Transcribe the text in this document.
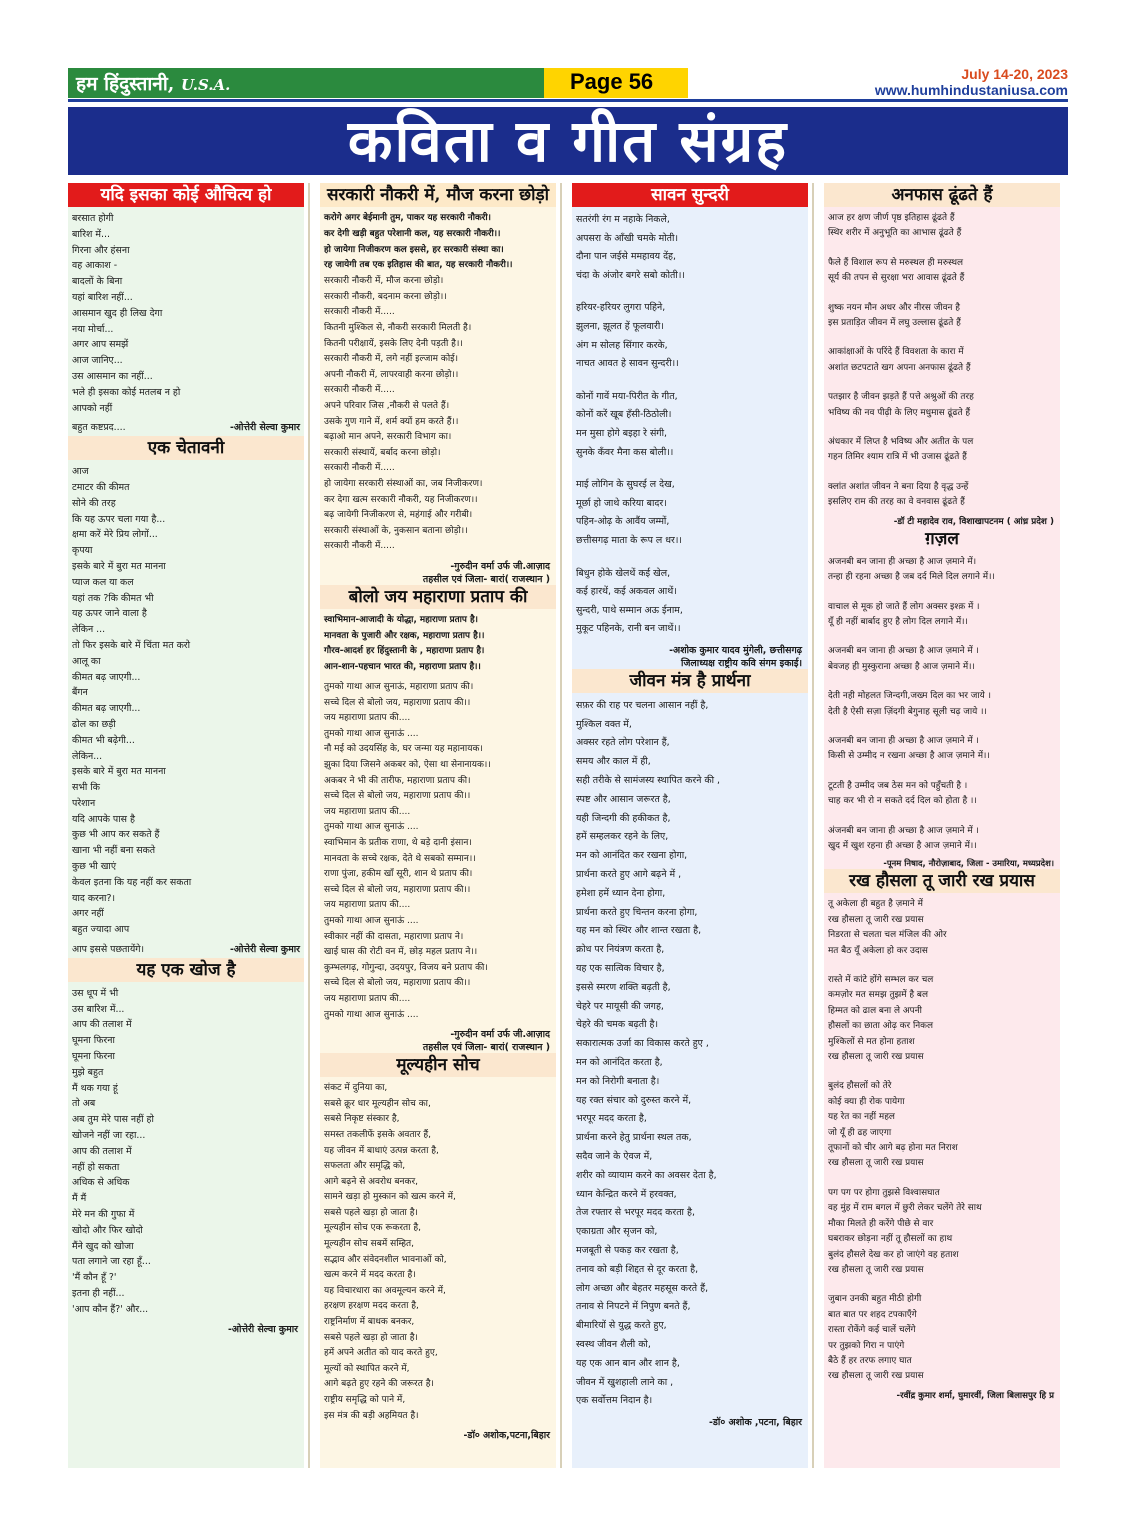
हम हिंदुस्तानी, U.S.A.	Page 56	July 14-20, 2023
www.humhindustaniusa.com
कविता व गीत संग्रह
यदि इसका कोई औचित्य हो
बरसात होगी
बारिश में...
गिरना और हंसना
वह आकाश -
बादलों के बिना
यहां बारिश नहीं...
आसमान खुद ही लिख देगा
नया मोर्चा...
अगर आप समझें
आज जानिए...
उस आसमान का नहीं...
भले ही इसका कोई मतलब न हो
आपको नहीं
बहुत कष्टप्रद....	-ओत्तेरी सेल्वा कुमार
एक चेतावनी
आज
टमाटर की कीमत
सोने की तरह
कि यह ऊपर चला गया है...
क्षमा करें मेरे प्रिय लोगों...
कृपया
इसके बारे में बुरा मत मानना
प्याज कल या कल
यहां तक ?कि कीमत भी
यह ऊपर जाने वाला है
लेकिन ...
तो फिर इसके बारे में चिंता मत करो
आलू का
कीमत बढ़ जाएगी...
बैंगन
कीमत बढ़ जाएगी...
ढोल का छड़ी
कीमत भी बढ़ेगी...
लेकिन...
इसके बारे में बुरा मत मानना
सभी कि
परेशान
यदि आपके पास है
कुछ भी आप कर सकते हैं
खाना भी नहीं बना सकते
कुछ भी खाएं
केवल इतना कि यह नहीं कर सकता
याद करना?।
अगर नहीं
बहुत ज्यादा आप
आप इससे पछतायेंगे।	-ओत्तेरी सेल्वा कुमार
यह एक खोज है
उस धूप में भी
उस बारिश में...
आप की तलाश में
घूमना फिरना
घूमना फिरना
मुझे बहुत
मैं थक गया हूं
तो अब
अब तुम मेरे पास नहीं हो
खोजने नहीं जा रहा...
आप की तलाश में
नहीं हो सकता
अधिक से अधिक
मैं मैं
मेरे मन की गुफा में
खोदो और फिर खोदो
मैंने खुद को खोजा
पता लगाने जा रहा हूँ...
'मैं कौन हूँ ?'
इतना ही नहीं...
'आप कौन हैं?' और...
-ओत्तेरी सेल्वा कुमार
सरकारी नौकरी में, मौज करना छोड़ो
करोगे अगर बेईमानी तुम, पाकर यह सरकारी नौकरी।
कर देगी खड़ी बहुत परेशानी कल, यह सरकारी नौकरी।।
हो जायेगा निजीकरण कल इससे, हर सरकारी संस्था का।
रह जायेगी तब एक इतिहास की बात, यह सरकारी नौकरी।।
सरकारी नौकरी में, मौज करना छोड़ो।
सरकारी नौकरी, बदनाम करना छोड़ो।।
सरकारी नौकरी में.....
कितनी मुश्किल से, नौकरी सरकारी मिलती है।
कितनी परीक्षायें, इसके लिए देनी पड़ती है।।
सरकारी नौकरी में, लगे नहीं इल्जाम कोई।
अपनी नौकरी में, लापरवाही करना छोड़ो।।
सरकारी नौकरी में.....
अपने परिवार जिस ,नौकरी से पलते हैं।
उसके गुण गाने में, शर्म क्यों हम करते हैं।।
बढ़ाओ मान अपने, सरकारी विभाग का।
सरकारी संस्थायें, बर्बाद करना छोड़ो।
सरकारी नौकरी में.....
हो जायेगा सरकारी संस्थाओं का, जब निजीकरण।
कर देगा खत्म सरकारी नौकरी, यह निजीकरण।।
बढ़ जायेगी निजीकरण से, महंगाई और गरीबी।
सरकारी संस्थाओं के, नुकसान बताना छोड़ो।।
सरकारी नौकरी में.....
-गुरुदीन वर्मा उर्फ जी.आज़ाद
तहसील एवं जिला- बारां( राजस्थान )
बोलो जय महाराणा प्रताप की
स्वाभिमान-आजादी के योद्धा, महाराणा प्रताप है।
मानवता के पुजारी और रक्षक, महाराणा प्रताप है।।
गौरव-आदर्श हर हिंदुस्तानी के , महाराणा प्रताप है।
आन-शान-पहचान भारत की, महाराणा प्रताप है।।
तुमको गाथा आज सुनाऊं, महाराणा प्रताप की।
सच्चे दिल से बोलो जय, महाराणा प्रताप की।।
जय महाराणा प्रताप की....
तुमको गाथा आज सुनाऊं ....
नौ मई को उदयसिंह के, घर जन्मा यह महानायक।
झुका दिया जिसने अकबर को, ऐसा था सेनानायक।।
अकबर ने भी की तारीफ, महाराणा प्रताप की।
सच्चे दिल से बोलो जय, महाराणा प्रताप की।।
जय महाराणा प्रताप की....
तुमको गाथा आज सुनाऊं ....
स्वाभिमान के प्रतीक राणा, थे बड़े दानी इंसान।
मानवता के सच्चे रक्षक, देते थे सबको सम्मान।।
राणा पुंजा, हकीम खॉं सूरी, शान थे प्रताप की।
सच्चे दिल से बोलो जय, महाराणा प्रताप की।।
जय महाराणा प्रताप की....
तुमको गाथा आज सुनाऊं ....
स्वीकार नहीं की दासता, महाराणा प्रताप ने।
खाई घास की रोटी वन में, छोड़ महल प्रताप ने।।
कुम्भलगढ़, गोगुन्दा, उदयपुर, विजय बने प्रताप की।
सच्चे दिल से बोलो जय, महाराणा प्रताप की।।
जय महाराणा प्रताप की....
तुमको गाथा आज सुनाऊं ....
-गुरुदीन वर्मा उर्फ जी.आज़ाद
तहसील एवं जिला- बारां( राजस्थान )
मूल्यहीन सोच
संकट में दुनिया का,
सबसे क्रूर धार मूल्यहीन सोच का,
सबसे निकृष्ट संस्कार है,
समस्त तकलीफें इसके अवतार हैं,
यह जीवन में बाधाएं उत्पन्न करता है,
सफलता और समृद्धि को,
आगे बढ़ने से अवरोध बनकर,
सामने खड़ा हो मुस्कान को खत्म करने में,
सबसे पहले खड़ा हो जाता है।
मूल्यहीन सोच एक रूकरता है,
मूल्यहीन सोच सबमें सम्हित,
सद्भाव और संवेदनशील भावनाओं को,
खत्म करने में मदद करता है।
यह विचारधारा का अवमूल्यन करने में,
हरक्षण हरक्षण मदद करता है,
राष्ट्रनिर्माण में बाधक बनकर,
सबसे पहले खड़ा हो जाता है।
हमें अपने अतीत को याद करते हुए,
मूल्यों को स्थापित करने में,
आगे बढ़ते हुए रहने की जरूरत है।
राष्ट्रीय समृद्धि को पाने में,
इस मंत्र की बड़ी अहमियत है।
-डॉ० अशोक,पटना,बिहार
सावन सुन्दरी
सतरंगी रंग म नहाके निकले,
अपसरा के आँखी चमके मोती।
दौना पान जईसे ममहावय देंह,
चंदा के अंजोर बगरे सबो कोती।।
हरियर-हरियर लुगरा पहिने,
झुलना, झूलत हें फूलवारी।
अंग म सोलह सिंगार करके,
नाचत आवत हे सावन सुन्दरी।।
कोनों गावें मया-पिरीत के गीत,
कोनों करें खूब हँसी-ठिठोली।
मन मुसा होगे बइहा रे संगी,
सुनके कँवर मैना कस बोली।।
माई लोगिन के सुघरई ल देख,
मूर्छा हो जाथे करिया बादर।
पहिन-ओढ़ के आवैंय जम्मों,
छत्तीसगढ़ माता के रूप ल धर।।
बिधुन होके खेलथें कई खेल,
कई हारथें, कई अकवल आथें।
सुन्दरी, पाथे सम्मान अऊ ईनाम,
मुकूट पहिनके, रानी बन जाथें।।
-अशोक कुमार यादव मुंगेली, छत्तीसगढ़
जिलाध्यक्ष राष्ट्रीय कवि संगम इकाई।
जीवन मंत्र है प्रार्थना
सफ़र की राह पर चलना आसान नहीं है,
मुश्किल वक्त में,
अक्सर रहते लोग परेशान हैं,
समय और काल में ही,
सही तरीके से सामंजस्य स्थापित करने की ,
स्पष्ट और आसान जरूरत है,
यही जिन्दगी की हकीकत है,
हमें सम्हलकर रहने के लिए,
मन को आनंदित कर रखना होगा,
प्रार्थना करते हुए आगे बढ़ने में ,
हमेशा हमें ध्यान देना होगा,
प्रार्थना करते हुए चिन्तन करना होगा,
यह मन को स्थिर और शान्त रखता है,
क्रोध पर नियंत्रण करता है,
यह एक सात्विक विचार है,
इससे स्मरण शक्ति बढ़ती है,
चेहरे पर मायूसी की जगह,
चेहरे की चमक बढ़ती है।
सकारात्मक उर्जा का विकास करते हुए ,
मन को आनंदित करता है,
मन को निरोगी बनाता है।
यह रक्त संचार को दुरुस्त करने में,
भरपूर मदद करता है,
प्रार्थना करने हेतु प्रार्थना स्थल तक,
सदैव जाने के ऐवज में,
शरीर को व्यायाम करने का अवसर देता है,
ध्यान केन्द्रित करने में हरवक्त,
तेज रफ्तार से भरपूर मदद करता है,
एकाग्रता और सृजन को,
मजबूती से पकड़ कर रखता है,
तनाव को बड़ी शिद्दत से दूर करता है,
लोग अच्छा और बेहतर महसूस करते हैं,
तनाव से निपटने में निपुण बनते हैं,
बीमारियों से युद्ध करते हुए,
स्वस्थ जीवन शैली को,
यह एक आन बान और शान है,
जीवन में खुशहाली लाने का ,
एक सर्वोत्तम निदान है।
-डॉ० अशोक ,पटना, बिहार
अनफास ढूंढते हैं
आज हर क्षण जीर्ण पृष्ठ इतिहास ढूंढते हैं
स्थिर शरीर में अनुभूति का आभास ढूंढते हैं
फैले हैं विशाल रूप से मरुस्थल ही मरुस्थल
सूर्य की तपन से सुरक्षा भरा आवास ढूंढते हैं
शुष्क नयन मौन अधर और नीरस जीवन है
इस प्रताड़ित जीवन में लघु उल्लास ढूंढते हैं
आकांक्षाओं के परिंदे हैं विवशता के कारा में
अशांत छटपटाते खग अपना अनफास ढूंढते हैं
पतझार है जीवन झड़ते हैं पत्ते अश्रुओं की तरह
भविष्य की नव पीढ़ी के लिए मधुमास ढूंढते हैं
अंधकार में लिप्त है भविष्य और अतीत के पल
गहन तिमिर श्याम रात्रि में भी उजास ढूंढते हैं
क्लांत अशांत जीवन ने बना दिया है वृद्ध उन्हें
इसलिए राम की तरह का वे वनवास ढूंढते हैं
-डॉ टी महादेव राव, विशाखापटनम ( आंध्र प्रदेश )
ग़ज़ल
अजनबी बन जाना ही अच्छा है आज ज़माने में।
तन्हा ही रहना अच्छा है जब दर्द मिले दिल लगाने में।।
वाचाल से मूक हो जाते हैं लोग अक्सर इश्क़ में ।
यूँ ही नहीं बार्बाद हुए है लोग दिल लगाने में।।
अजनबी बन जाना ही अच्छा है आज ज़माने में ।
बेवजह ही मुस्कुराना अच्छा है आज ज़माने में।।
देती नही मोहलत जिन्दगी,जख्म दिल का भर जाये ।
देती है ऐसी सज़ा ज़िंदगी बेगुनाह सूली चढ़ जाये ।।
अजनबी बन जाना ही अच्छा है आज ज़माने में ।
किसी से उम्मीद न रखना अच्छा है आज ज़माने में।।
टूटती है उम्मीद जब ठेस मन को पहुँचती है ।
चाह कर भी रो न सकते दर्द दिल को होता है ।।
अंजनबी बन जाना ही अच्छा है आज ज़माने में ।
खुद में खुश रहना ही अच्छा है आज ज़माने में।।
-पूनम निषाद, नौरोज़ाबाद, जिला - उमारिया, मध्यप्रदेश।
रख हौसला तू जारी रख प्रयास
तू अकेला ही बहुत है ज़माने में
रख हौसला तू जारी रख प्रयास
निडरता से चलता चल मंजिल की ओर
मत बैठ यूँ अकेला हो कर उदास
रास्ते में कांटे होंगे सम्भल कर चल
कमज़ोर मत समझ तुझमें है बल
हिम्मत को ढाल बना ले अपनी
हौसलों का छाता ओढ़ कर निकल
मुश्किलों से मत होना हताश
रख हौसला तू जारी रख प्रयास
बुलंद हौसलों को तेरे
कोई क्या ही रोक पायेगा
यह रेत का नहीं महल
जो यूँ ही ढह जाएगा
तूफानों को चीर आगे बढ़ होना मत निराश
रख हौसला तू जारी रख प्रयास
पग पग पर होगा तुझसे विश्वासघात
वह मुंह में राम बगल में छुरी लेकर चलेंगे तेरे साथ
मौका मिलते ही करेंगे पीछे से वार
घबराकर छोड़ना नहीं तू हौसलों का हाथ
बुलंद हौसले देख कर हो जाएंगे वह हताश
रख हौसला तू जारी रख प्रयास
जुबान उनकी बहुत मीठी होगी
बात बात पर शहद टपकाएँगे
रास्ता रोकेंगे कई चालें चलेंगे
पर तुझको गिरा न पाएंगे
बैठे हैं हर तरफ लगाए घात
रख हौसला तू जारी रख प्रयास
-रवींद्र कुमार शर्मा, घुमारवीं, जिला बिलासपुर हि प्र
